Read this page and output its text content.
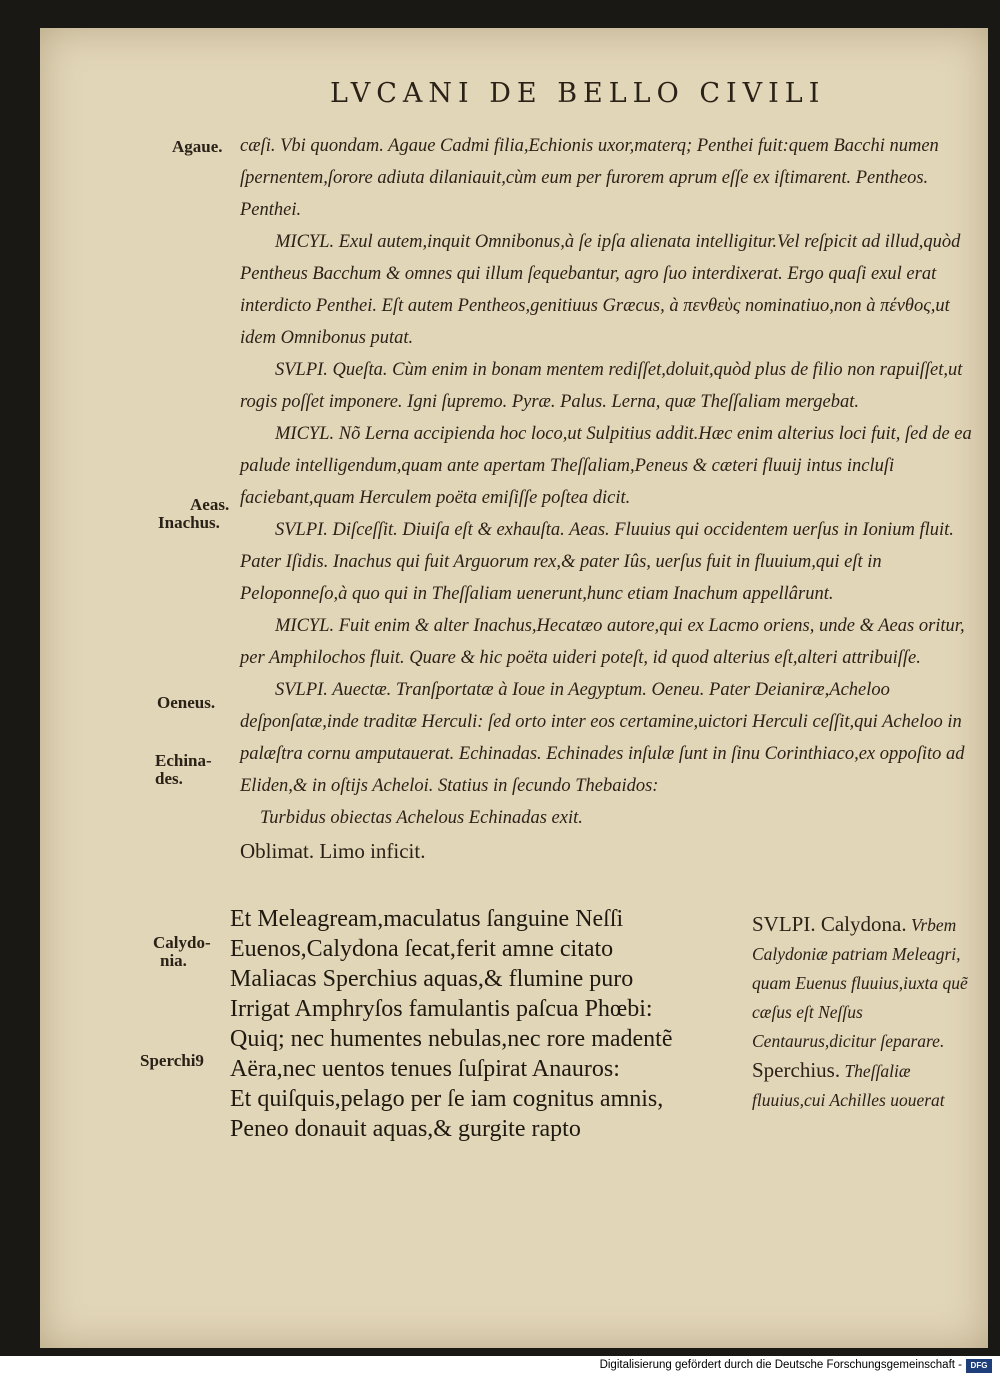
LVCANI DE BELLO CIVILI
Agaue.
Aeas.
Inachus.
Oeneus.
Echina-
des.
Calydo-
nia.
Sperchi9

cæſi. Vbi quondam. Agaue Cadmi filia,Echionis uxor,materq; Penthei fuit:quem Bacchi numen ſpernentem,ſorore adiuta dilaniauit,cùm eum per furorem aprum eſſe ex iſtimarent. Pentheos. Penthei.

MICYL. Exul autem,inquit Omnibonus,à ſe ipſa alienata intelligitur.Vel reſpicit ad illud,quòd Pentheus Bacchum & omnes qui illum ſequebantur, agro ſuo interdixerat. Ergo quaſi exul erat interdicto Penthei. Eſt autem Pentheos,genitiuus Græcus, à πενθεὺς nominatiuo,non à πένθος,ut idem Omnibonus putat.

SVLPI. Queſta. Cùm enim in bonam mentem rediſſet,doluit,quòd plus de filio non rapuiſſet,ut rogis poſſet imponere. Igni ſupremo. Pyræ. Palus. Lerna, quæ Theſſaliam mergebat.

MICYL. Nõ Lerna accipienda hoc loco,ut Sulpitius addit.Hæc enim alterius loci fuit, ſed de ea palude intelligendum,quam ante apertam Theſſaliam,Peneus & cæteri fluuij intus incluſi faciebant,quam Herculem poëta emiſiſſe poſtea dicit.

SVLPI. Diſceſſit. Diuiſa eſt & exhauſta. Aeas. Fluuius qui occidentem uerſus in Ionium fluit. Pater Iſidis. Inachus qui fuit Arguorum rex,& pater Iûs, uerſus fuit in fluuium,qui eſt in Peloponneſo,à quo qui in Theſſaliam uenerunt,hunc etiam Inachum appellârunt.

MICYL. Fuit enim & alter Inachus,Hecatæo autore,qui ex Lacmo oriens, unde & Aeas oritur, per Amphilochos fluit. Quare & hic poëta uideri poteſt, id quod alterius eſt,alteri attribuiſſe.

SVLPI. Auectæ. Tranſportatæ à Ioue in Aegyptum. Oeneu. Pater Deianiræ,Acheloo deſponſatæ,inde traditæ Herculi: ſed orto inter eos certamine,uictori Herculi ceſſit,qui Acheloo in palæſtra cornu amputauerat. Echinadas. Echinades inſulæ ſunt in ſinu Corinthiaco,ex oppoſito ad Eliden,& in oſtijs Acheloi. Statius in ſecundo Thebaidos:

Turbidus obiectas Achelous Echinadas exit.
Oblimat. Limo inficit.
Et Meleagream,maculatus ſanguine Neſſi
Euenos,Calydona ſecat,ferit amne citato
Maliacas Sperchius aquas,& flumine puro
Irrigat Amphryſos famulantis paſcua Phœbi:
Quiq; nec humentes nebulas,nec rore madentẽ
Aëra,nec uentos tenues ſuſpirat Anauros:
Et quiſquis,pelago per ſe iam cognitus amnis,
Peneo donauit aquas,& gurgite rapto
SVLPI. Calydona. Vrbem Calydoniæ patriam Meleagri, quam Euenus fluuius,iuxta quẽ cæſus eſt Neſſus Centaurus,dicitur ſeparare. Sperchius. Theſſaliæ fluuius,cui Achilles uouerat
Digitalisierung gefördert durch die Deutsche Forschungsgemeinschaft -	DFG
